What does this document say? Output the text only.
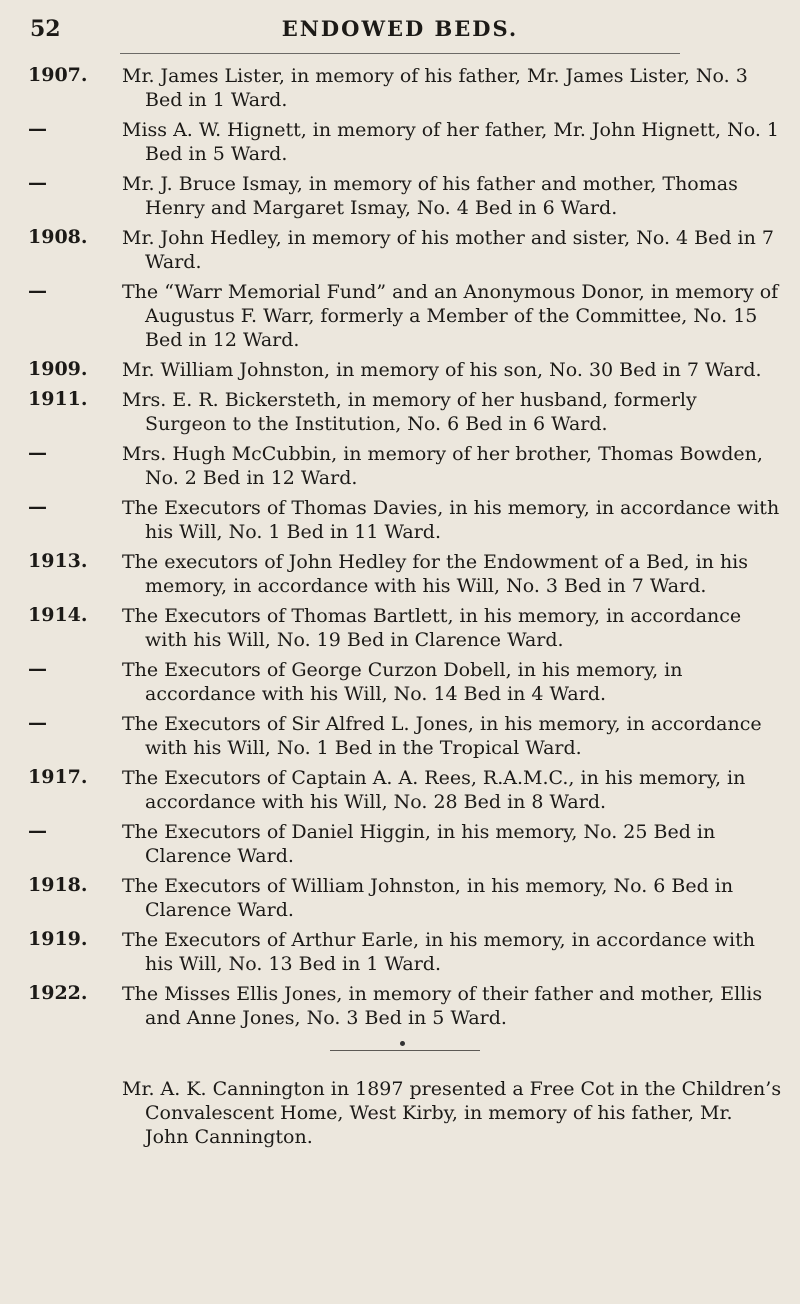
52	ENDOWED BEDS.
1907. Mr. James Lister, in memory of his father, Mr. James Lister, No. 3 Bed in 1 Ward.
—	Miss A. W. Hignett, in memory of her father, Mr. John Hignett, No. 1 Bed in 5 Ward.
—	Mr. J. Bruce Ismay, in memory of his father and mother, Thomas Henry and Margaret Ismay, No. 4 Bed in 6 Ward.
1908. Mr. John Hedley, in memory of his mother and sister, No. 4 Bed in 7 Ward.
—	The “Warr Memorial Fund” and an Anonymous Donor, in memory of Augustus F. Warr, formerly a Member of the Committee, No. 15 Bed in 12 Ward.
1909. Mr. William Johnston, in memory of his son, No. 30 Bed in 7 Ward.
1911. Mrs. E. R. Bickersteth, in memory of her husband, formerly Surgeon to the Institution, No. 6 Bed in 6 Ward.
—	Mrs. Hugh McCubbin, in memory of her brother, Thomas Bowden, No. 2 Bed in 12 Ward.
—	The Executors of Thomas Davies, in his memory, in accordance with his Will, No. 1 Bed in 11 Ward.
1913. The executors of John Hedley for the Endowment of a Bed, in his memory, in accordance with his Will, No. 3 Bed in 7 Ward.
1914. The Executors of Thomas Bartlett, in his memory, in accordance with his Will, No. 19 Bed in Clarence Ward.
—	The Executors of George Curzon Dobell, in his memory, in accordance with his Will, No. 14 Bed in 4 Ward.
—	The Executors of Sir Alfred L. Jones, in his memory, in accordance with his Will, No. 1 Bed in the Tropical Ward.
1917. The Executors of Captain A. A. Rees, R.A.M.C., in his memory, in accordance with his Will, No. 28 Bed in 8 Ward.
—	The Executors of Daniel Higgin, in his memory, No. 25 Bed in Clarence Ward.
1918. The Executors of William Johnston, in his memory, No. 6 Bed in Clarence Ward.
1919. The Executors of Arthur Earle, in his memory, in accordance with his Will, No. 13 Bed in 1 Ward.
1922. The Misses Ellis Jones, in memory of their father and mother, Ellis and Anne Jones, No. 3 Bed in 5 Ward.
Mr. A. K. Cannington in 1897 presented a Free Cot in the Children’s Convalescent Home, West Kirby, in memory of his father, Mr. John Cannington.
